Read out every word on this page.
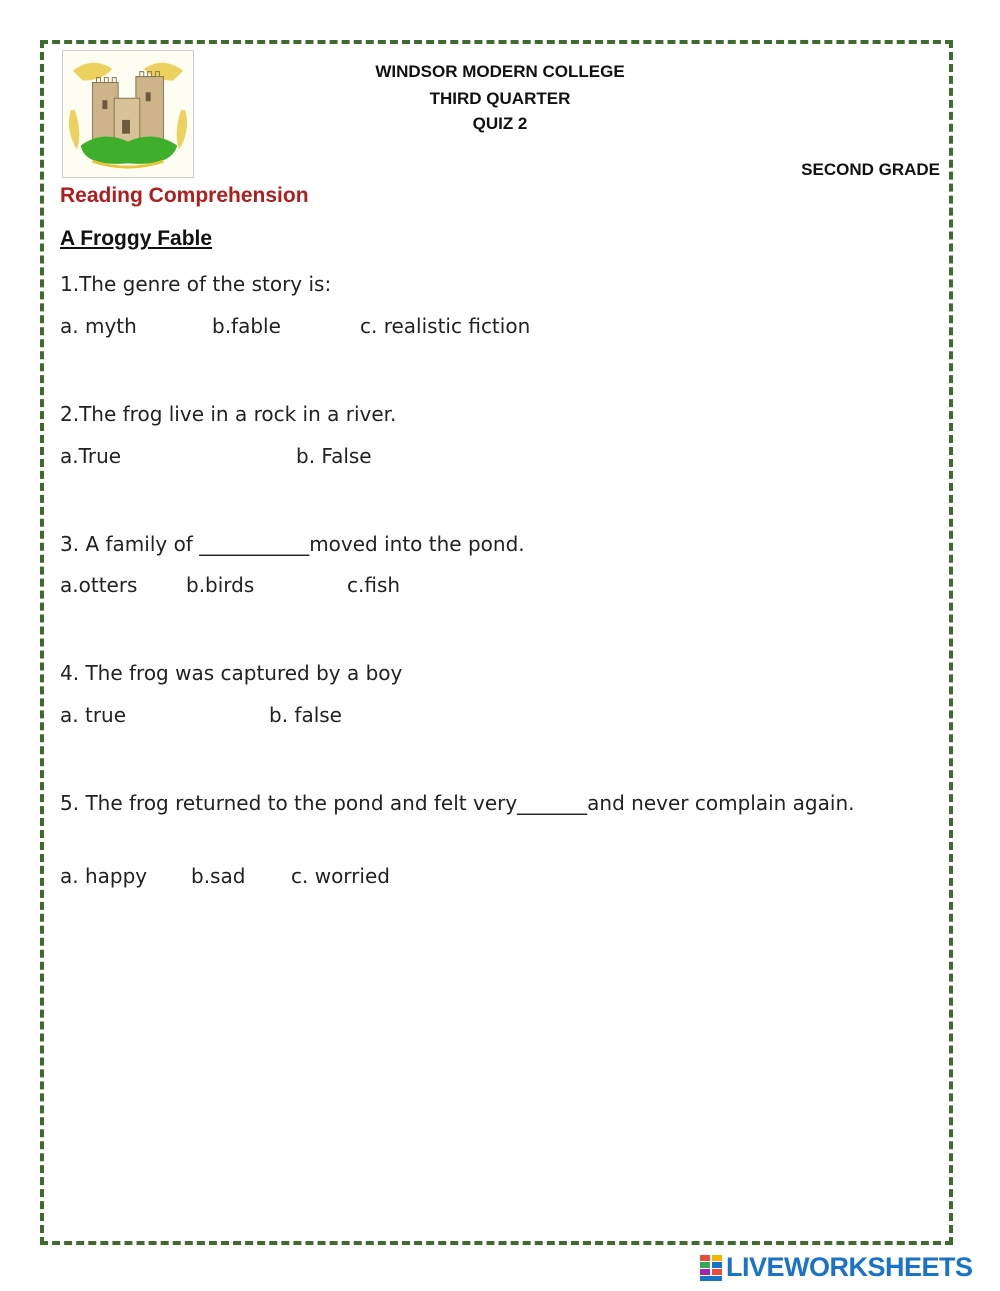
WINDSOR MODERN COLLEGE
THIRD QUARTER
QUIZ 2
SECOND GRADE
Reading Comprehension
A Froggy Fable
1.The genre of the story is:
a. myth	b.fable	c. realistic fiction
2.The frog live in a rock in a river.
a.True	b. False
3. A family of ___________moved into the pond.
a.otters b.birds	c.fish
4. The frog was captured by a boy
a. true	b. false
5. The frog returned to the pond and felt very_______and never complain again.
a. happy b.sad c. worried
LIVEWORKSHEETS
